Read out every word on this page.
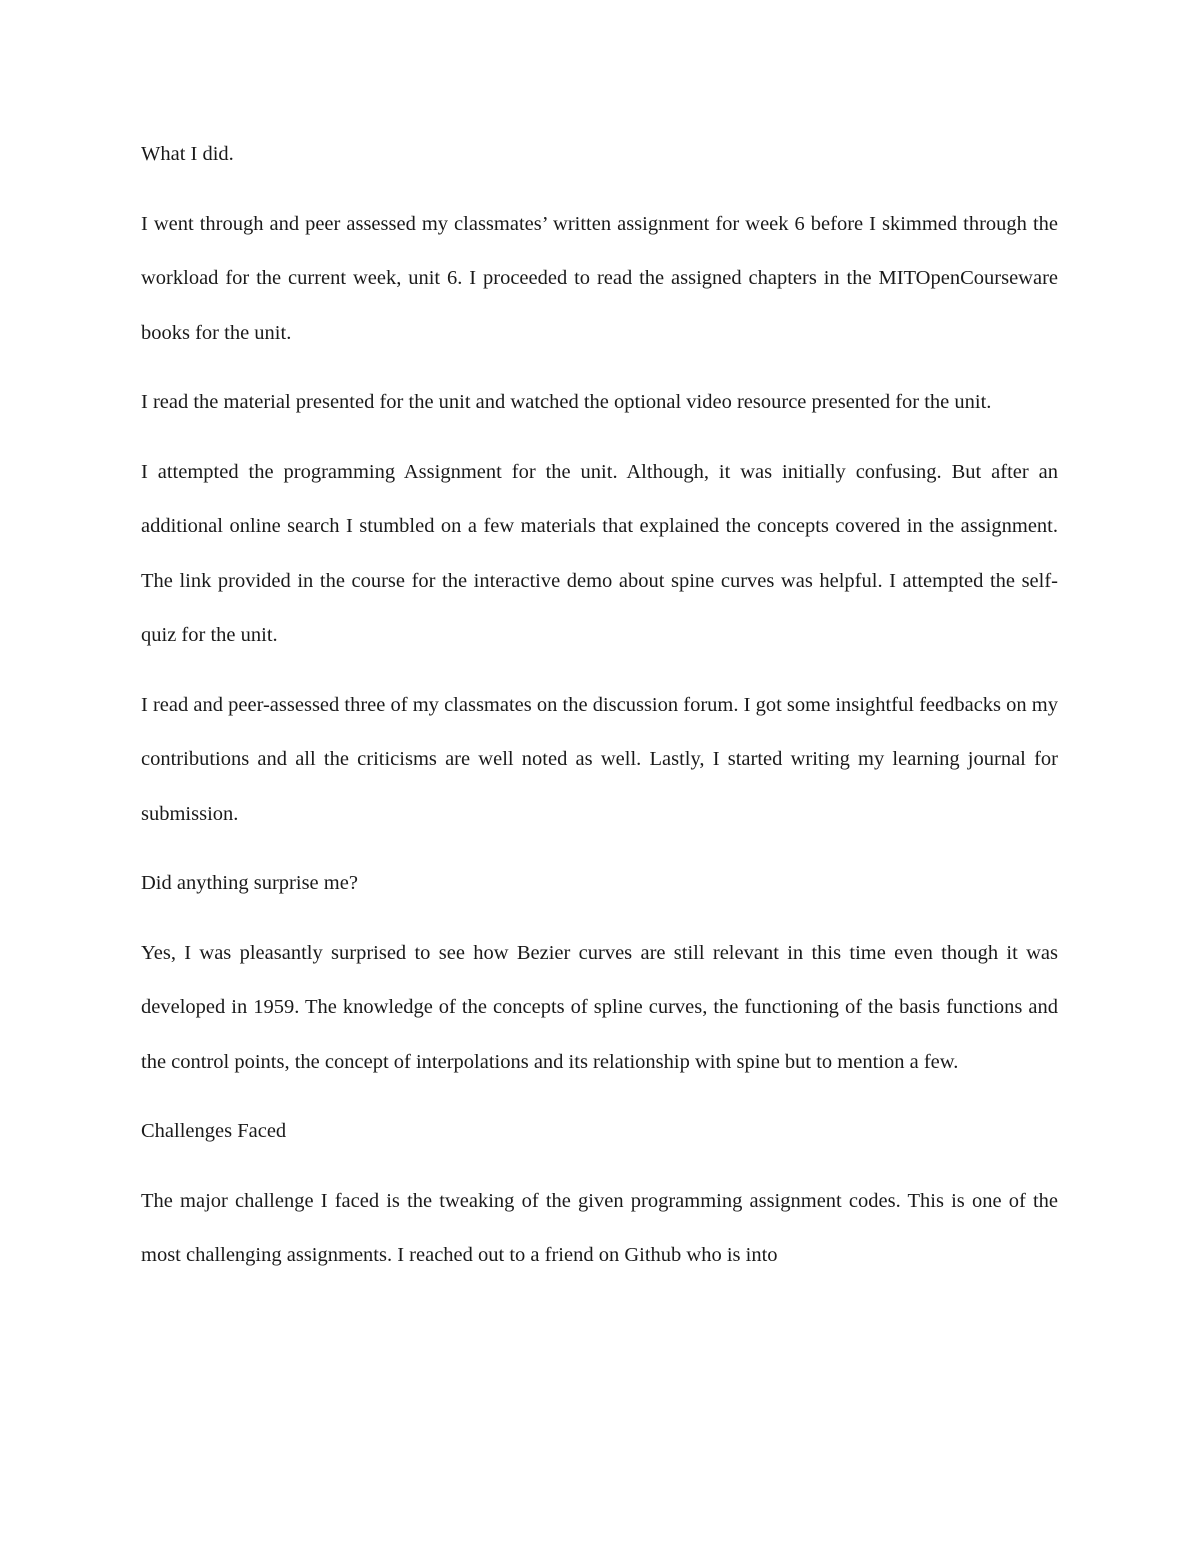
What I did.

I went through and peer assessed my classmates’ written assignment for week 6 before I skimmed through the workload for the current week, unit 6. I proceeded to read the assigned chapters in the MITOpenCourseware books for the unit.

I read the material presented for the unit and watched the optional video resource presented for the unit.

I attempted the programming Assignment for the unit. Although, it was initially confusing. But after an additional online search I stumbled on a few materials that explained the concepts covered in the assignment. The link provided in the course for the interactive demo about spine curves was helpful. I attempted the self-quiz for the unit.

I read and peer-assessed three of my classmates on the discussion forum. I got some insightful feedbacks on my contributions and all the criticisms are well noted as well. Lastly, I started writing my learning journal for submission.

Did anything surprise me?

Yes, I was pleasantly surprised to see how Bezier curves are still relevant in this time even though it was developed in 1959. The knowledge of the concepts of spline curves, the functioning of the basis functions and the control points, the concept of interpolations and its relationship with spine but to mention a few.

Challenges Faced

The major challenge I faced is the tweaking of the given programming assignment codes. This is one of the most challenging assignments. I reached out to a friend on Github who is into
